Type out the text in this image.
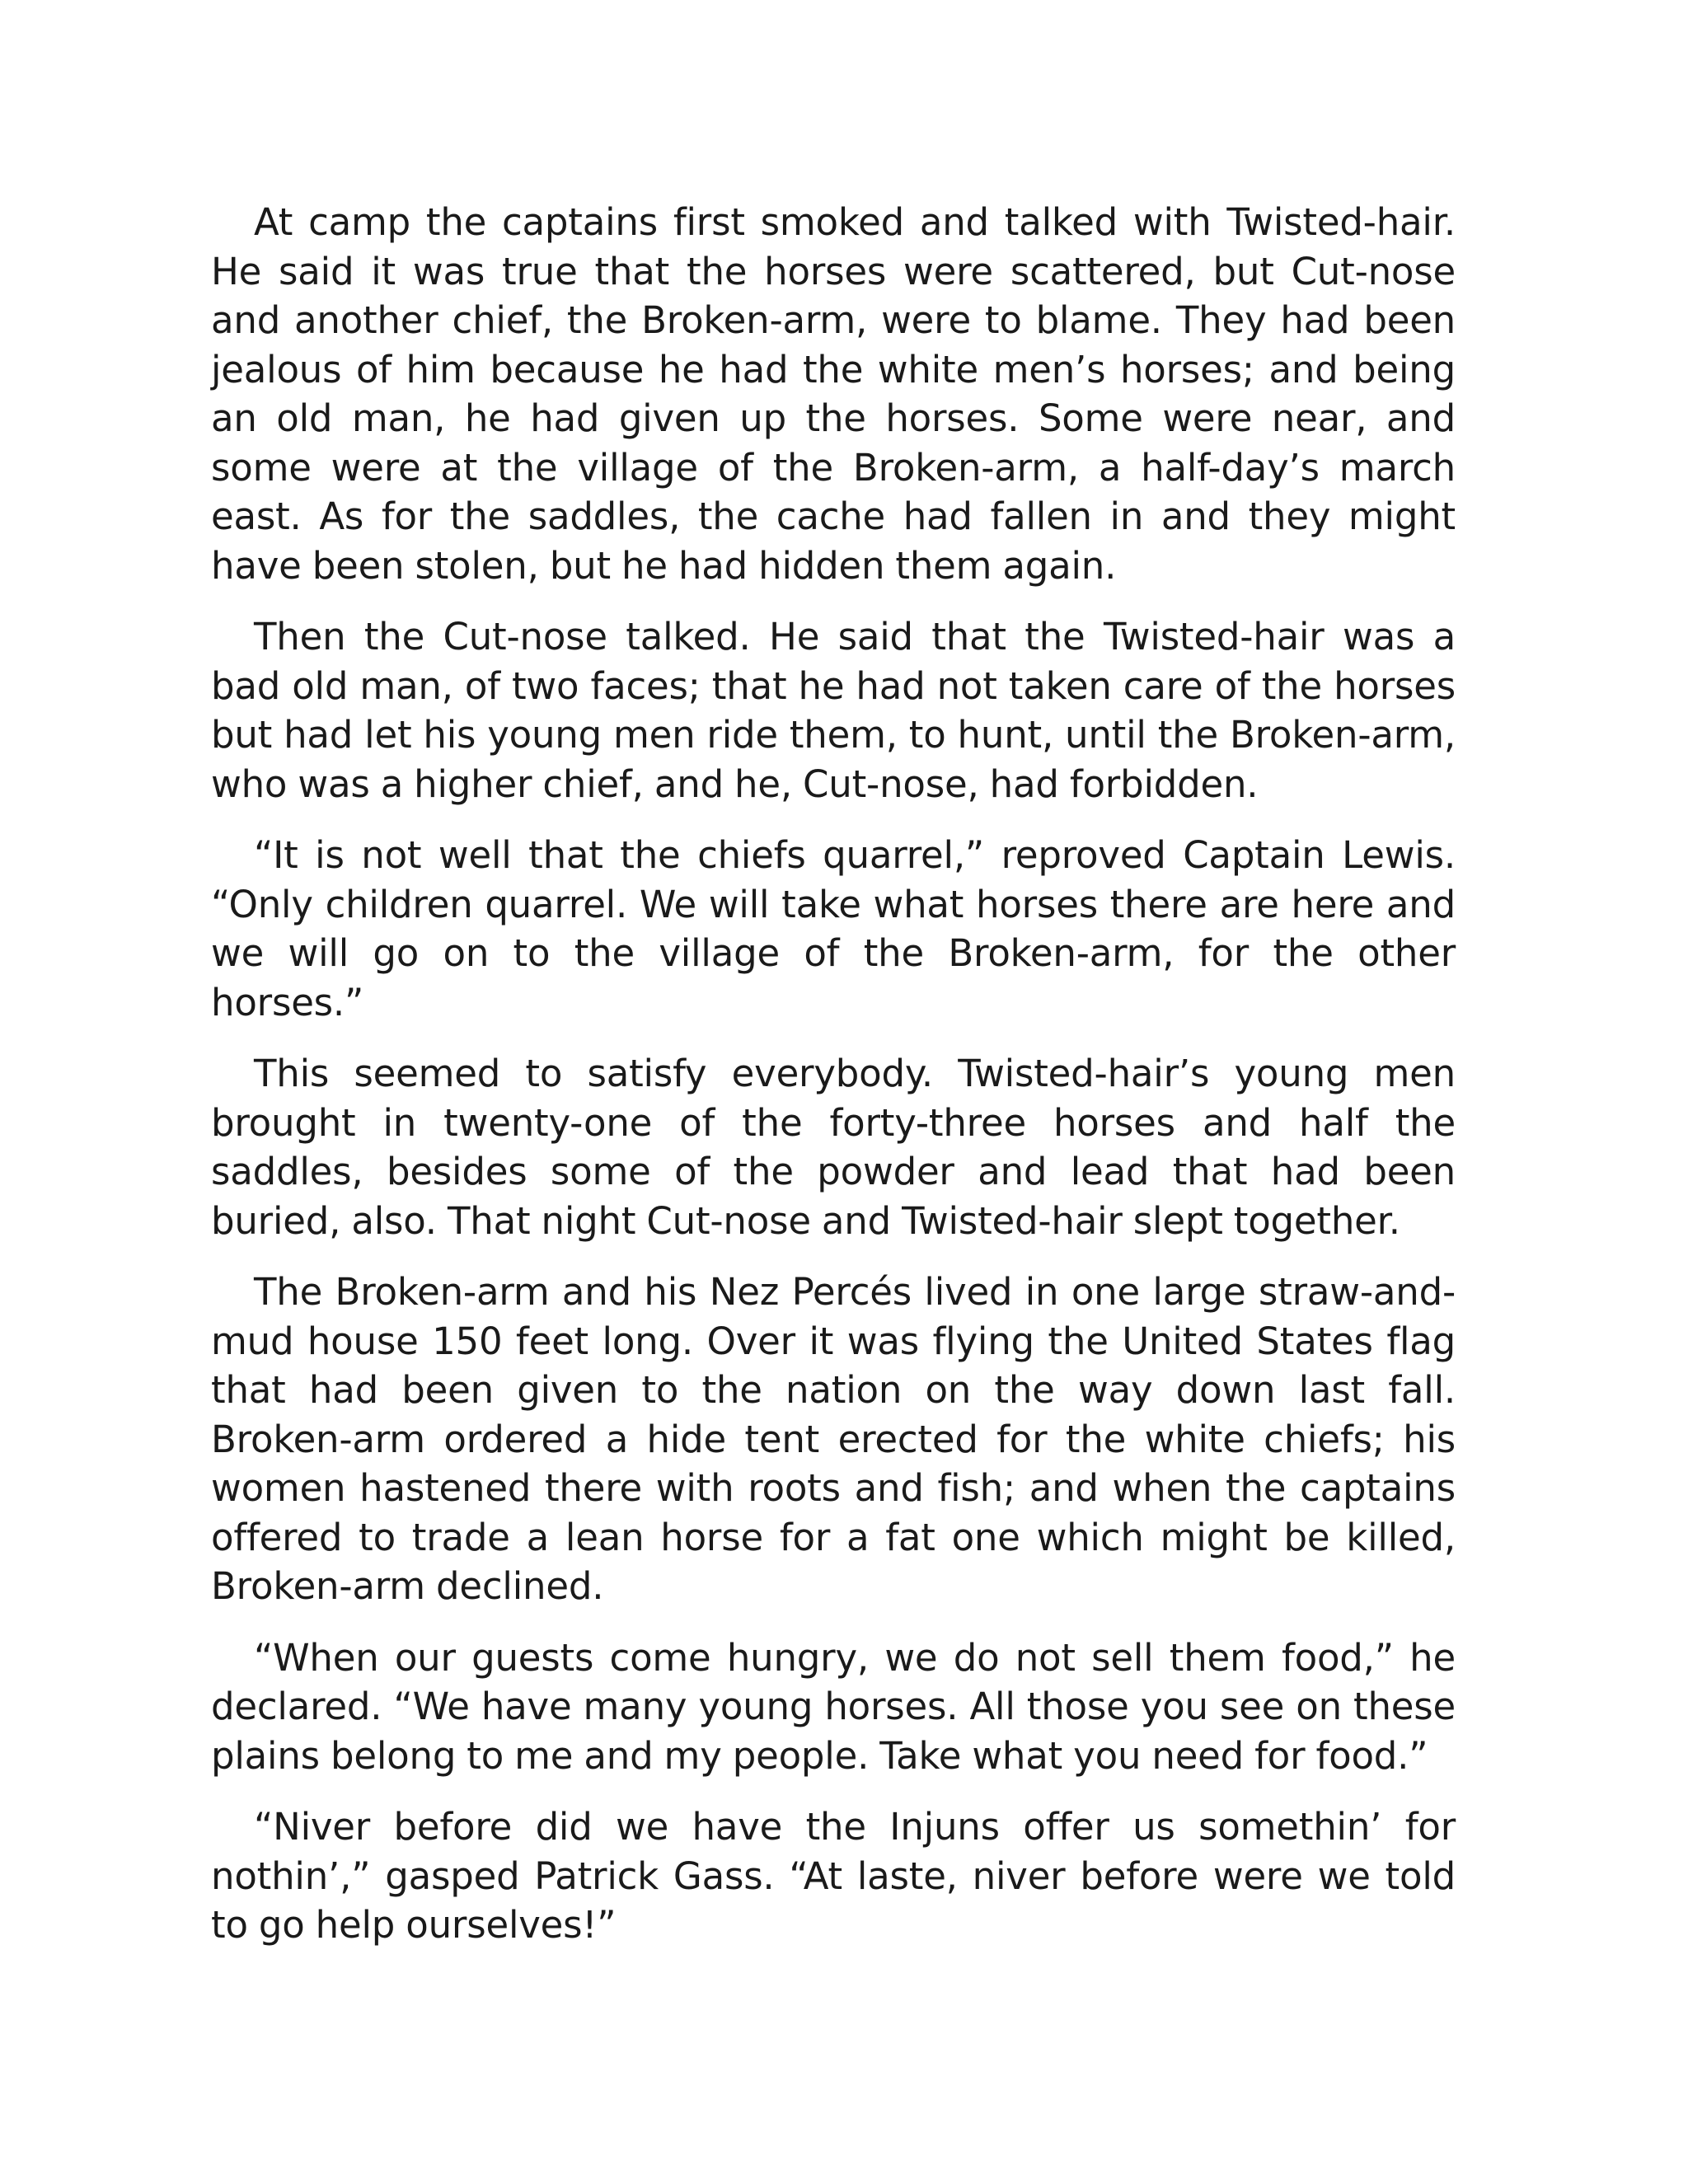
At camp the captains first smoked and talked with Twisted-hair. He said it was true that the horses were scattered, but Cut-nose and another chief, the Broken-arm, were to blame. They had been jealous of him because he had the white men’s horses; and being an old man, he had given up the horses. Some were near, and some were at the village of the Broken-arm, a half-day’s march east. As for the saddles, the cache had fallen in and they might have been stolen, but he had hidden them again.

Then the Cut-nose talked. He said that the Twisted-hair was a bad old man, of two faces; that he had not taken care of the horses but had let his young men ride them, to hunt, until the Broken-arm, who was a higher chief, and he, Cut-nose, had forbidden.

“It is not well that the chiefs quarrel,” reproved Captain Lewis. “Only children quarrel. We will take what horses there are here and we will go on to the village of the Broken-arm, for the other horses.”

This seemed to satisfy everybody. Twisted-hair’s young men brought in twenty-one of the forty-three horses and half the saddles, besides some of the powder and lead that had been buried, also. That night Cut-nose and Twisted-hair slept together.

The Broken-arm and his Nez Percés lived in one large straw-and-mud house 150 feet long. Over it was flying the United States flag that had been given to the nation on the way down last fall. Broken-arm ordered a hide tent erected for the white chiefs; his women hastened there with roots and fish; and when the captains offered to trade a lean horse for a fat one which might be killed, Broken-arm declined.

“When our guests come hungry, we do not sell them food,” he declared. “We have many young horses. All those you see on these plains belong to me and my people. Take what you need for food.”

“Niver before did we have the Injuns offer us somethin’ for nothin’,” gasped Patrick Gass. “At laste, niver before were we told to go help ourselves!”
